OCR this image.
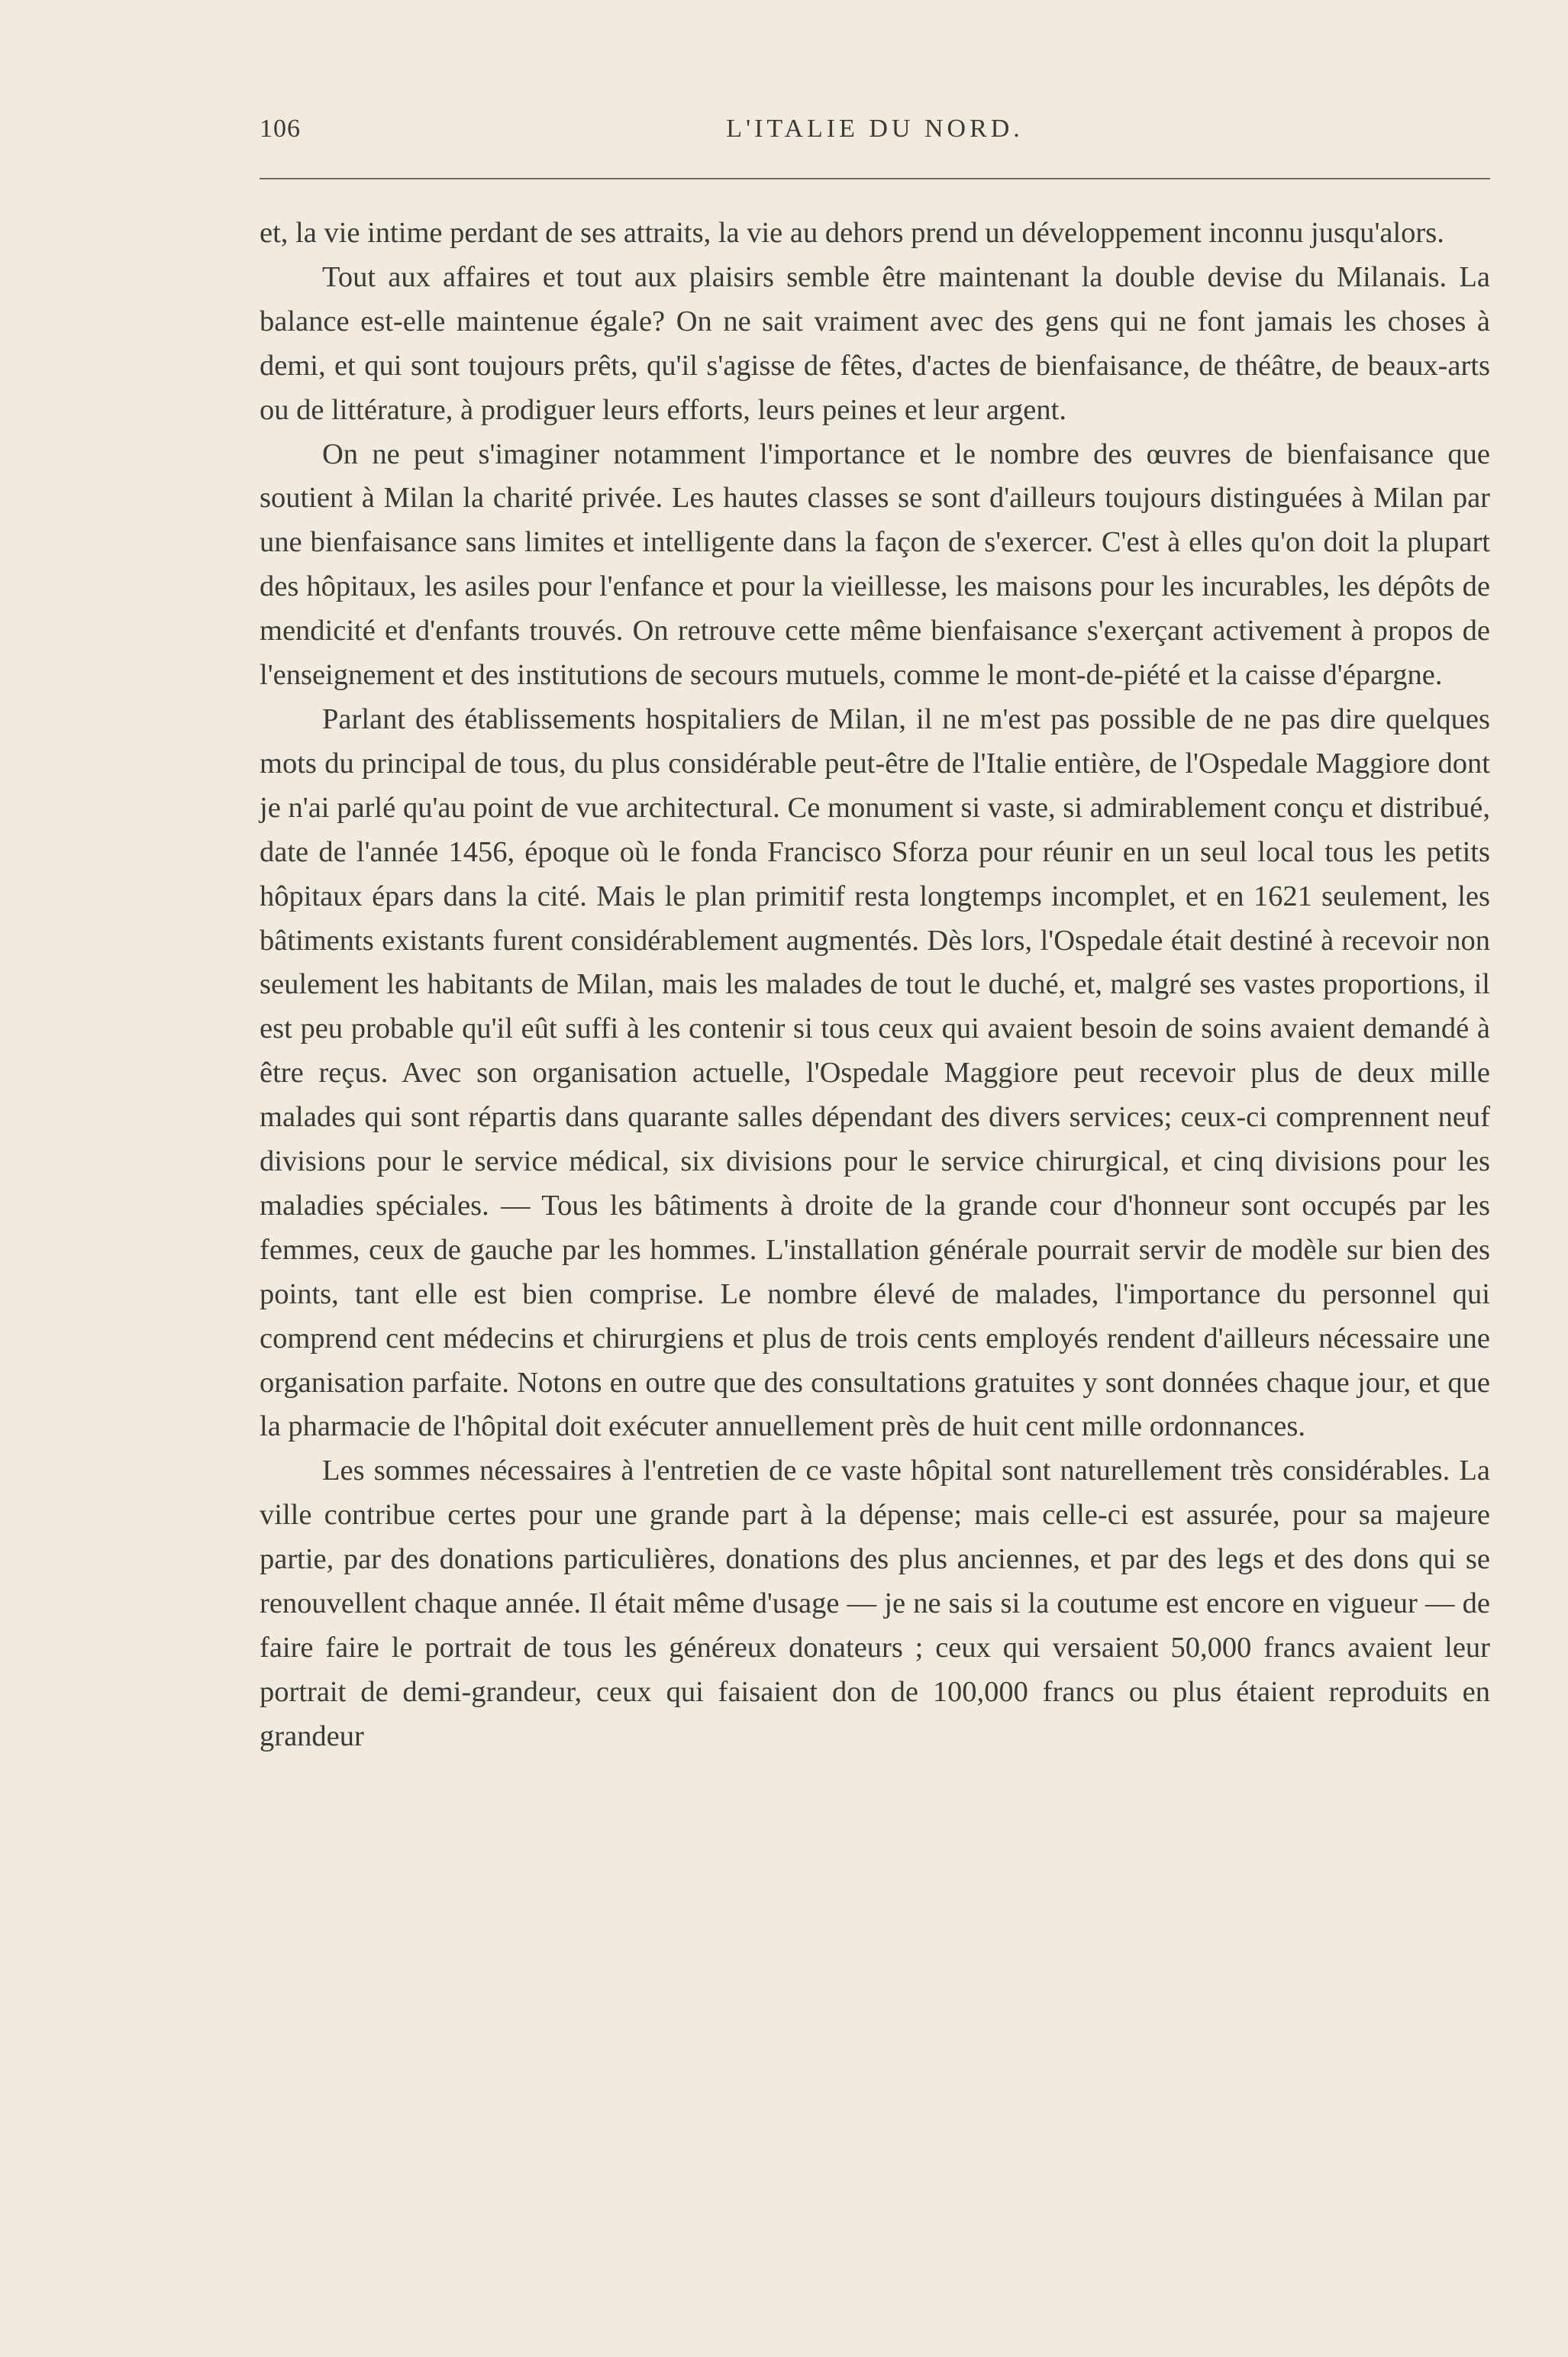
106	L'ITALIE DU NORD.

et, la vie intime perdant de ses attraits, la vie au dehors prend un développement inconnu jusqu'alors.

Tout aux affaires et tout aux plaisirs semble être maintenant la double devise du Milanais. La balance est-elle maintenue égale? On ne sait vraiment avec des gens qui ne font jamais les choses à demi, et qui sont toujours prêts, qu'il s'agisse de fêtes, d'actes de bienfaisance, de théâtre, de beaux-arts ou de littérature, à prodiguer leurs efforts, leurs peines et leur argent.

On ne peut s'imaginer notamment l'importance et le nombre des œuvres de bienfaisance que soutient à Milan la charité privée. Les hautes classes se sont d'ailleurs toujours distinguées à Milan par une bienfaisance sans limites et intelligente dans la façon de s'exercer. C'est à elles qu'on doit la plupart des hôpitaux, les asiles pour l'enfance et pour la vieillesse, les maisons pour les incurables, les dépôts de mendicité et d'enfants trouvés. On retrouve cette même bienfaisance s'exerçant activement à propos de l'enseignement et des institutions de secours mutuels, comme le mont-de-piété et la caisse d'épargne.

Parlant des établissements hospitaliers de Milan, il ne m'est pas possible de ne pas dire quelques mots du principal de tous, du plus considérable peut-être de l'Italie entière, de l'Ospedale Maggiore dont je n'ai parlé qu'au point de vue architectural. Ce monument si vaste, si admirablement conçu et distribué, date de l'année 1456, époque où le fonda Francisco Sforza pour réunir en un seul local tous les petits hôpitaux épars dans la cité. Mais le plan primitif resta longtemps incomplet, et en 1621 seulement, les bâtiments existants furent considérablement augmentés. Dès lors, l'Ospedale était destiné à recevoir non seulement les habitants de Milan, mais les malades de tout le duché, et, malgré ses vastes proportions, il est peu probable qu'il eût suffi à les contenir si tous ceux qui avaient besoin de soins avaient demandé à être reçus. Avec son organisation actuelle, l'Ospedale Maggiore peut recevoir plus de deux mille malades qui sont répartis dans quarante salles dépendant des divers services; ceux-ci comprennent neuf divisions pour le service médical, six divisions pour le service chirurgical, et cinq divisions pour les maladies spéciales. — Tous les bâtiments à droite de la grande cour d'honneur sont occupés par les femmes, ceux de gauche par les hommes. L'installation générale pourrait servir de modèle sur bien des points, tant elle est bien comprise. Le nombre élevé de malades, l'importance du personnel qui comprend cent médecins et chirurgiens et plus de trois cents employés rendent d'ailleurs nécessaire une organisation parfaite. Notons en outre que des consultations gratuites y sont données chaque jour, et que la pharmacie de l'hôpital doit exécuter annuellement près de huit cent mille ordonnances.

Les sommes nécessaires à l'entretien de ce vaste hôpital sont naturellement très considérables. La ville contribue certes pour une grande part à la dépense; mais celle-ci est assurée, pour sa majeure partie, par des donations particulières, donations des plus anciennes, et par des legs et des dons qui se renouvellent chaque année. Il était même d'usage — je ne sais si la coutume est encore en vigueur — de faire faire le portrait de tous les généreux donateurs ; ceux qui versaient 50,000 francs avaient leur portrait de demi-grandeur, ceux qui faisaient don de 100,000 francs ou plus étaient reproduits en grandeur
